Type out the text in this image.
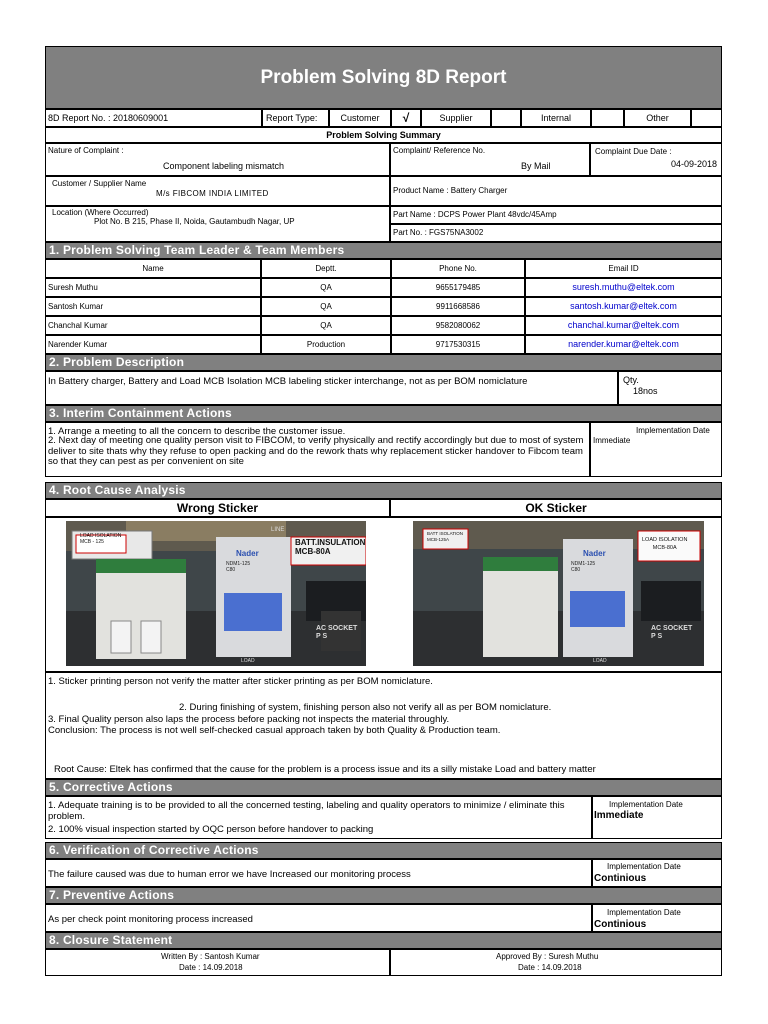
Problem Solving 8D Report
8D Report No. : 20180609001	Report Type:	Customer	√	Supplier	Internal	Other
Problem Solving Summary
Nature of Complaint :
Component labeling mismatch
Complaint/ Reference No.
By Mail
Complaint Due Date :
04-09-2018
Customer / Supplier Name
M/s FIBCOM INDIA LIMITED	Product Name : Battery Charger
Location (Where Occurred)
Plot No. B 215, Phase II, Noida, Gautambudh Nagar, UP
Part Name : DCPS Power Plant 48vdc/45Amp
Part No. : FGS75NA3002
1. Problem Solving Team Leader & Team Members
Name	Deptt.	Phone No.	Email ID
Suresh Muthu	QA	9655179485	suresh.muthu@eltek.com
Santosh Kumar	QA	9911668586	santosh.kumar@eltek.com
Chanchal Kumar	QA	9582080062	chanchal.kumar@eltek.com
Narender Kumar	Production	9717530315	narender.kumar@eltek.com
2. Problem Description
In Battery charger, Battery and Load MCB Isolation MCB labeling sticker interchange, not as per BOM nomiclature	Qty.
18nos
3. Interim Containment Actions
1. Arrange a meeting to all the concern to describe the customer issue.
2. Next day of meeting one quality person visit to FIBCOM, to verify physically and rectify accordingly but due to most of system deliver to site thats why they refuse to open packing and do the rework thats why replacement sticker handover to Fibcom team so that they can pest as per convenient on site
Implementation Date
Immediate
4. Root Cause Analysis
Wrong Sticker	OK Sticker
LOAD ISOLATION
MCB - 125	BATT.INSULATION
MCB-80A
LINE
Nader
NDM1-125
C80
AC SOCKET
P S
LOAD
BATT ISOLATION
MCB-125A	LOAD ISOLATION
MCB-80A
Nader
NDM1-125
C80
AC SOCKET
P S
LOAD
1. Sticker printing person not verify the matter after sticker printing as per BOM nomiclature.
2. During finishing of system, finishing person also not verify all as per BOM nomiclature.
3. Final Quality person also laps the process before packing not inspects the material throughly.
Conclusion: The process is not well self-checked casual approach taken by both Quality & Production team.
Root Cause: Eltek has confirmed that the cause for the problem is a process issue and its a silly mistake Load and battery matter
5. Corrective Actions
1. Adequate training is to be provided to all the concerned testing, labeling and quality operators to minimize / eliminate this problem.
2. 100% visual inspection started by OQC person before handover to packing
Implementation Date
Immediate
6. Verification of Corrective Actions
The failure caused was due to human error we have Increased our monitoring process
Implementation Date
Continious
7. Preventive Actions
As per check point monitoring process increased
Implementation Date
Continious
8. Closure Statement
Written By : Santosh Kumar
Date : 14.09.2018
Approved By : Suresh Muthu
Date : 14.09.2018
